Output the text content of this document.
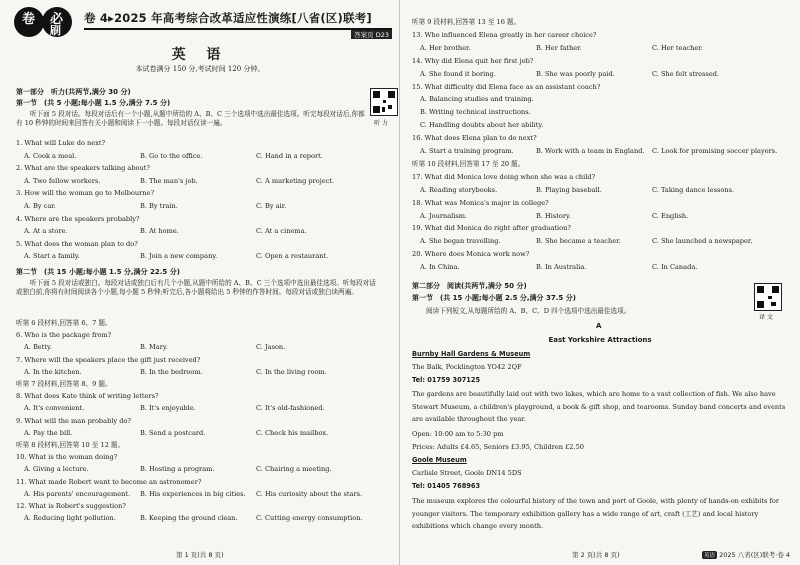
卷 必
刷
卷 4▸2025 年高考综合改革适应性演练[八省(区)联考]
答案页 D23
英 语
本试卷满分 150 分,考试时间 120 分钟。
第一部分　听力(共两节,满分 30 分)
听 力
第一节　(共 5 小题;每小题 1.5 分,满分 7.5 分)
听下面 5 段对话。每段对话后有一个小题,从题中所给的 A、B、C 三个选项中选出最佳选项。听完每段对话后,你都有 10 秒钟的时间来回答有关小题和阅读下一小题。每段对话仅读一遍。
1. What will Luke do next?
A. Cook a meal.	B. Go to the office.	C. Hand in a report.
2. What are the speakers talking about?
A. Two fellow workers.	B. The man's job.	C. A marketing project.
3. How will the woman go to Melbourne?
A. By car.	B. By train.	C. By air.
4. Where are the speakers probably?
A. At a store.	B. At home.	C. At a cinema.
5. What does the woman plan to do?
A. Start a family.	B. Join a new company.	C. Open a restaurant.
第二节　(共 15 小题;每小题 1.5 分,满分 22.5 分)
听下面 5 段对话或独白。每段对话或独白后有几个小题,从题中所给的 A、B、C 三个选项中选出最佳选项。听每段对话或独白前,你将有时间阅读各个小题,每小题 5 秒钟;听完后,各小题将给出 5 秒钟的作答时间。每段对话或独白读两遍。
听第 6 段材料,回答第 6、7 题。
6. Who is the package from?
A. Betty.	B. Mary.	C. Jason.
7. Where will the speakers place the gift just received?
A. In the kitchen.	B. In the bedroom.	C. In the living room.
听第 7 段材料,回答第 8、9 题。
8. What does Kate think of writing letters?
A. It's convenient.	B. It's enjoyable.	C. It's old-fashioned.
9. What will the man probably do?
A. Pay the bill.	B. Send a postcard.	C. Check his mailbox.
听第 8 段材料,回答第 10 至 12 题。
10. What is the woman doing?
A. Giving a lecture.	B. Hosting a program.	C. Chairing a meeting.
11. What made Robert want to become an astronomer?
A. His parents' encouragement. B. His experiences in big cities. C. His curiosity about the stars.
12. What is Robert's suggestion?
A. Reducing light pollution.	B. Keeping the ground clean.	C. Cutting energy consumption.
第 1 页(共 8 页)
听第 9 段材料,回答第 13 至 16 题。
13. Who influenced Elena greatly in her career choice?
A. Her brother.	B. Her father.	C. Her teacher.
14. Why did Elena quit her first job?
A. She found it boring.	B. She was poorly paid.	C. She felt stressed.
15. What difficulty did Elena face as an assistant coach?
A. Balancing studies and training.
B. Writing technical instructions.
C. Handling doubts about her ability.
16. What does Elena plan to do next?
A. Start a training program.	B. Work with a team in England. C. Look for promising soccer players.
听第 10 段材料,回答第 17 至 20 题。
17. What did Monica love doing when she was a child?
A. Reading storybooks.	B. Playing baseball.	C. Taking dance lessons.
18. What was Monica's major in college?
A. Journalism.	B. History.	C. English.
19. What did Monica do right after graduation?
A. She began travelling.	B. She became a teacher.	C. She launched a newspaper.
20. Where does Monica work now?
A. In China.	B. In Australia.	C. In Canada.
第二部分　阅读(共两节,满分 50 分)
第一节　(共 15 小题;每小题 2.5 分,满分 37.5 分)
阅读下列短文,从每题所给的 A、B、C、D 四个选项中选出最佳选项。
译 文
A
East Yorkshire Attractions
Burnby Hall Gardens & Museum
The Balk, Pocklington YO42 2QF
Tel: 01759 307125
The gardens are beautifully laid out with two lakes, which are home to a vast collection of fish. We also have Stewart Museum, a children's playground, a book & gift shop, and tearooms. Sunday band concerts and events are available throughout the year.
Open: 10:00 am to 5:30 pm
Prices: Adults £4.65, Seniors £3.95, Children £2.50
Goole Museum
Carlisle Street, Goole DN14 5DS
Tel: 01405 768963
The museum explores the colourful history of the town and port of Goole, with plenty of hands-on exhibits for younger visitors. The temporary exhibition gallery has a wide range of art, craft (工艺) and local history exhibitions which change every month.
第 2 页(共 8 页)	英语 2025 八省(区)联考·卷 4
